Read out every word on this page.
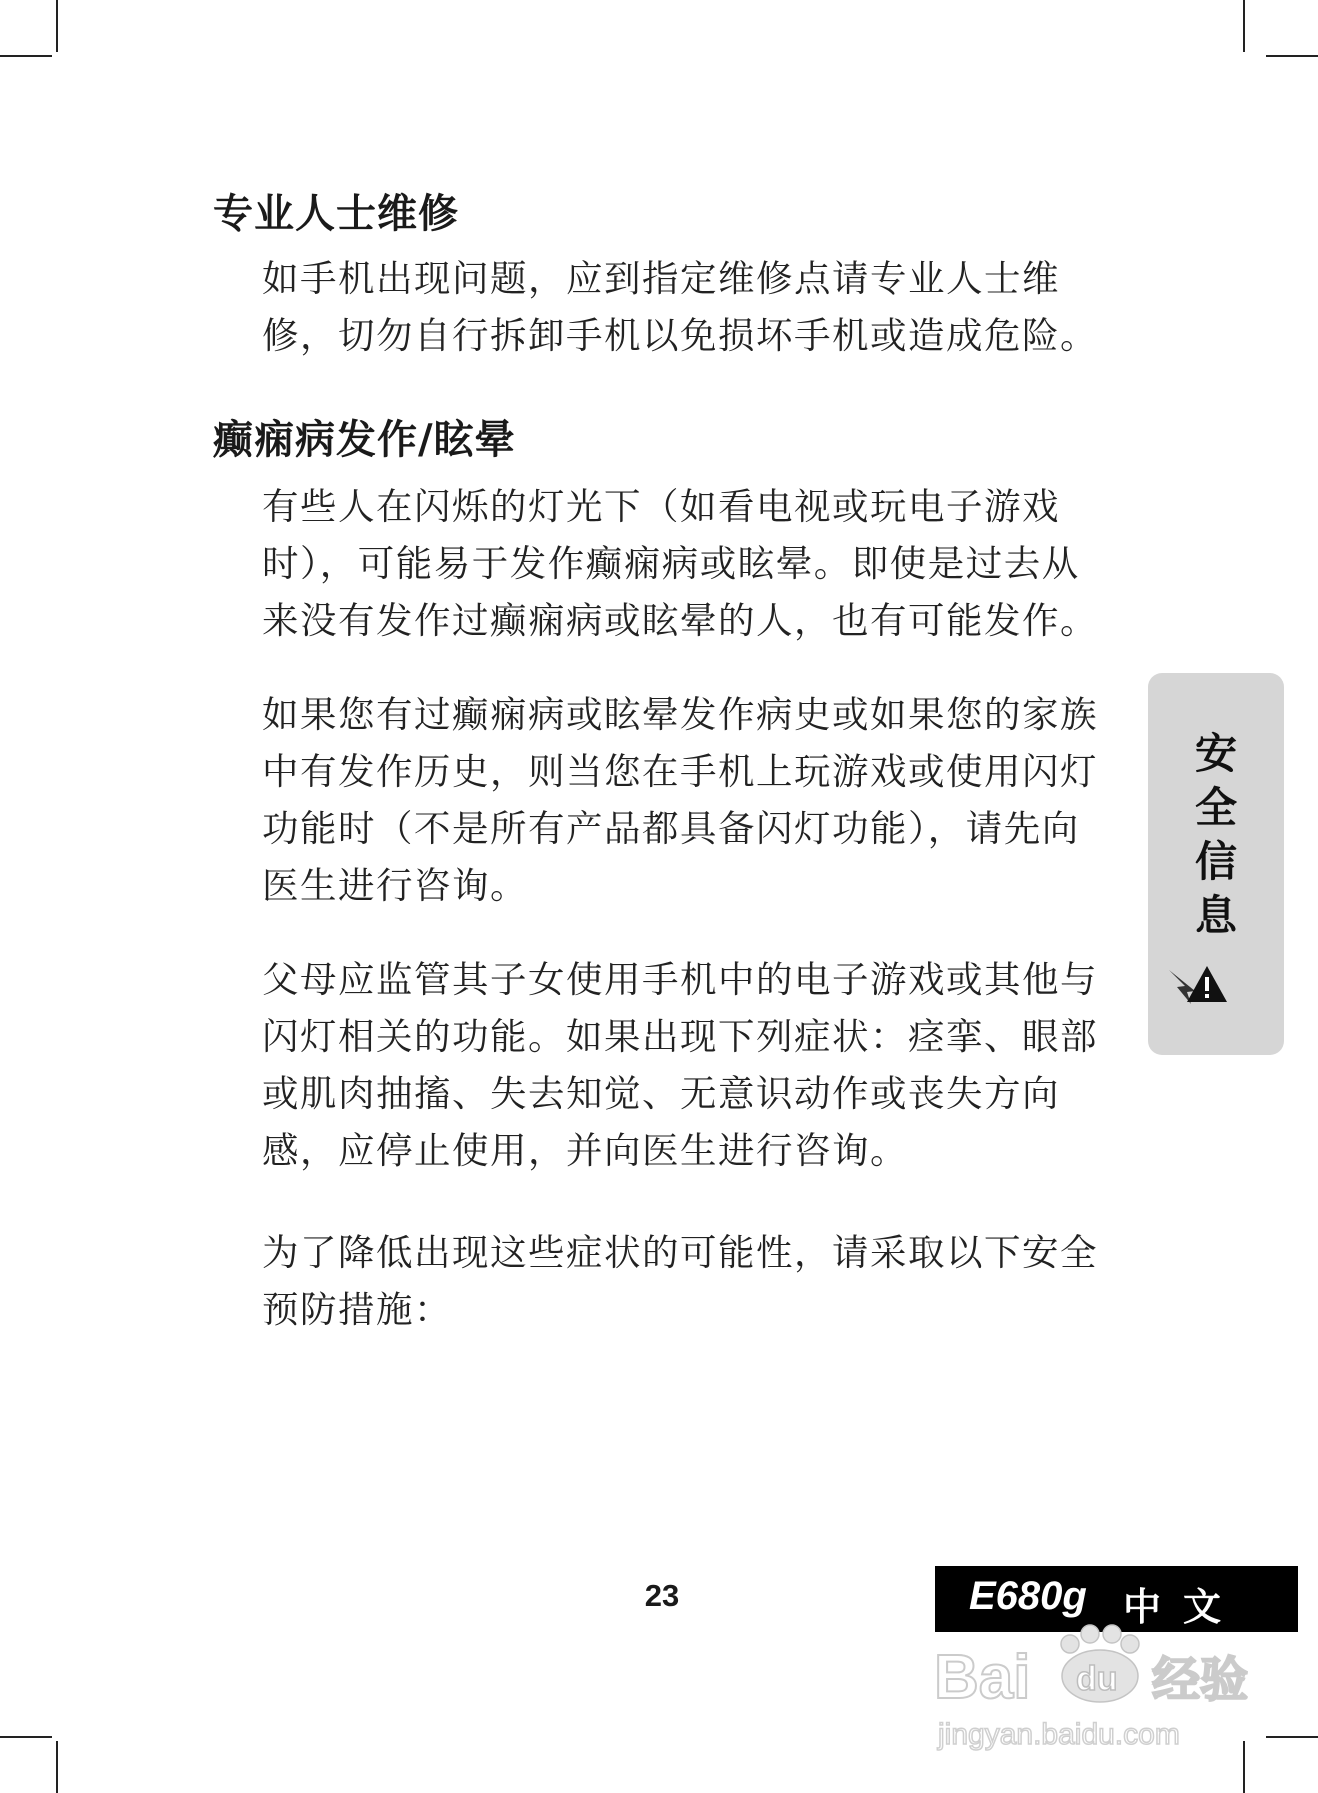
专业人士维修

如手机出现问题，应到指定维修点请专业人士维修，切勿自行拆卸手机以免损坏手机或造成危险。

癫痫病发作/眩晕

有些人在闪烁的灯光下（如看电视或玩电子游戏时），可能易于发作癫痫病或眩晕。即使是过去从来没有发作过癫痫病或眩晕的人，也有可能发作。

如果您有过癫痫病或眩晕发作病史或如果您的家族中有发作历史，则当您在手机上玩游戏或使用闪灯功能时（不是所有产品都具备闪灯功能），请先向医生进行咨询。

父母应监管其子女使用手机中的电子游戏或其他与闪灯相关的功能。如果出现下列症状：痉挛、眼部或肌肉抽搐、失去知觉、无意识动作或丧失方向感，应停止使用，并向医生进行咨询。

为了降低出现这些症状的可能性，请采取以下安全预防措施：

安
全
信
息
23	E680g 中文
Bai	经验
du
jingyan.baidu.com
